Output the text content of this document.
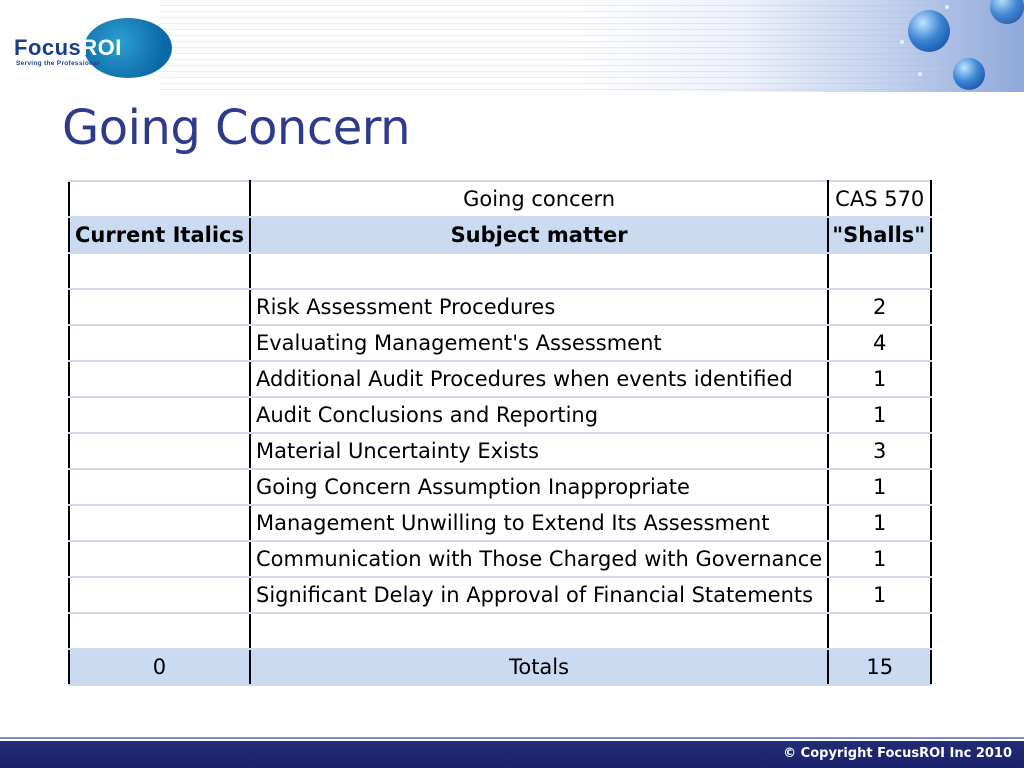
FocusROI
Serving the Professional
Going Concern
	Going concern	CAS 570
Current Italics	Subject matter	"Shalls"

	Risk Assessment Procedures	2
	Evaluating Management's Assessment	4
	Additional Audit Procedures when events identified	1
	Audit Conclusions and Reporting	1
	Material Uncertainty Exists	3
	Going Concern Assumption Inappropriate	1
	Management Unwilling to Extend Its Assessment	1
	Communication with Those Charged with Governance	1
	Significant Delay in Approval of Financial Statements	1

0	Totals	15
© Copyright FocusROI Inc 2010
